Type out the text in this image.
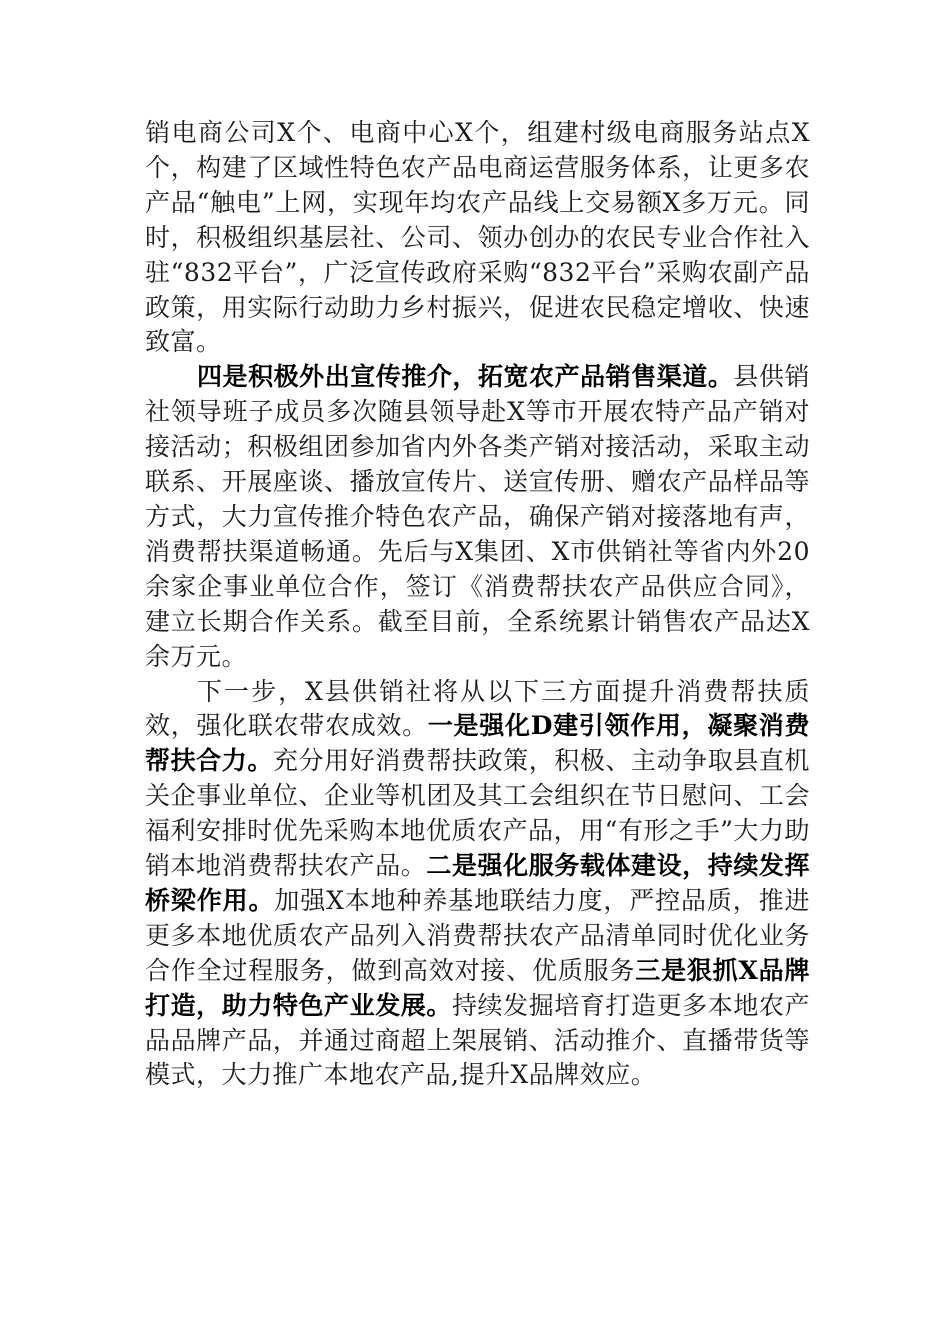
销电商公司X个、电商中心X个，组建村级电商服务站点X个，构建了区域性特色农产品电商运营服务体系，让更多农产品“触电”上网，实现年均农产品线上交易额X多万元。同时，积极组织基层社、公司、领办创办的农民专业合作社入驻“832平台”，广泛宣传政府采购“832平台”采购农副产品政策，用实际行动助力乡村振兴，促进农民稳定增收、快速致富。

四是积极外出宣传推介，拓宽农产品销售渠道。县供销社领导班子成员多次随县领导赴X等市开展农特产品产销对接活动；积极组团参加省内外各类产销对接活动，采取主动联系、开展座谈、播放宣传片、送宣传册、赠农产品样品等方式，大力宣传推介特色农产品，确保产销对接落地有声，消费帮扶渠道畅通。先后与X集团、X市供销社等省内外20余家企事业单位合作，签订《消费帮扶农产品供应合同》，建立长期合作关系。截至目前，全系统累计销售农产品达X余万元。

下一步，X县供销社将从以下三方面提升消费帮扶质效，强化联农带农成效。一是强化D建引领作用，凝聚消费帮扶合力。充分用好消费帮扶政策，积极、主动争取县直机关企事业单位、企业等机团及其工会组织在节日慰问、工会福利安排时优先采购本地优质农产品，用“有形之手”大力助销本地消费帮扶农产品。二是强化服务载体建设，持续发挥桥梁作用。加强X本地种养基地联结力度，严控品质，推进更多本地优质农产品列入消费帮扶农产品清单同时优化业务合作全过程服务，做到高效对接、优质服务三是狠抓X品牌打造，助力特色产业发展。持续发掘培育打造更多本地农产品品牌产品，并通过商超上架展销、活动推介、直播带货等模式，大力推广本地农产品,提升X品牌效应。
